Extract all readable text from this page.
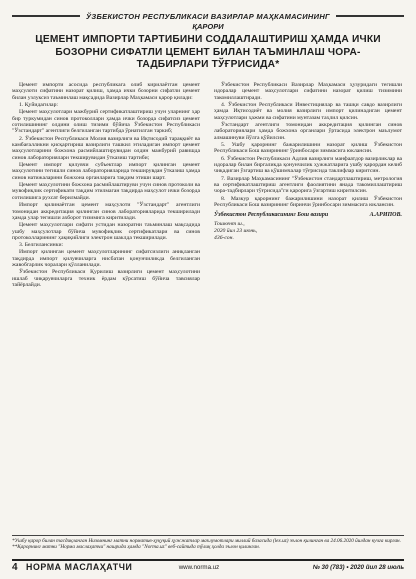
ЎЗБЕКИСТОН РЕСПУБЛИКАСИ ВАЗИРЛАР МАҲКАМАСИНИНГ
ҚАРОРИ
ЦЕМЕНТ ИМПОРТИ ТАРТИБИНИ СОДДАЛАШТИРИШ ҲАМДА ИЧКИ БОЗОРНИ СИФАТЛИ ЦЕМЕНТ БИЛАН ТАЪМИНЛАШ ЧОРА-ТАДБИРЛАРИ ТЎҒРИСИДА*

Цемент импорти асосида республикага олиб кирилаётган цемент маҳсулоти сифатини назорат қилиш, ҳамда ички бозорни сифатли цемент билан узлуксиз таъминлаш мақсадида Вазирлар Маҳкамаси қарор қилади:

1. Қуйидагилар:

Цемент маҳсулотлари мажбурий сертификатлаштириш учун уларнинг ҳар бир туркумидан синов протоколлари ҳамда ички бозорда сифатсиз цемент сотилишининг олдини олиш тизими бўйича Ўзбекистон Республикаси "Ўзстандарт" агентлиги белгиланган тартибда ўрнатилган таркиб;

2. Ўзбекистон Республикаси Молия вазирлиги ва Иқтисодий тараққиёт ва камбағалликни қисқартириш вазирлиги ташкил этиладиган импорт цемент маҳсулотларини божхона расмийлаштирувидан олдин мажбурий равишда синов лабораториялари текширувидан ўтказиш тартиби;

Цемент импорт қилувчи субъектлар импорт қилинган цемент маҳсулотини тегишли синов лабораторияларида текширувдан ўтказиш ҳамда синов натижаларини божхона органларига тақдим этиши шарт.

Цемент маҳсулотини божхона расмийлаштируви учун синов протоколи ва мувофиқлик сертификати тақдим этилмаган тақдирда маҳсулот ички бозорда сотилишига рухсат берилмайди.

Импорт қилинаётган цемент маҳсулоти "Ўзстандарт" агентлиги томонидан аккредитация қилинган синов лабораторияларида текширилади ҳамда улар тегишли ахборот тизимига киритилади.

Цемент маҳсулотлари сифати устидан назоратни таъминлаш мақсадида ушбу маҳсулотлар бўйича мувофиқлик сертификатлари ва синов протоколларининг ҳақиқийлиги электрон шаклда текширилади.

3. Белгилансинки:

Импорт қилинган цемент маҳсулотларининг сифатсизлиги аниқланган тақдирда импорт қилувчиларга нисбатан қонунчиликда белгиланган жавобгарлик чоралари қўлланилади.

Ўзбекистон Республикаси Қурилиш вазирлиги цемент маҳсулотини ишлаб чиқарувчиларга техник ёрдам кўрсатиш бўйича тавсиялар тайёрлайди.

Ўзбекистон Республикаси Вазирлар Маҳкамаси ҳузуридаги тегишли идоралар цемент маҳсулотлари сифатини назорат қилиш тизимини такомиллаштиради.

4. Ўзбекистон Республикаси Инвестициялар ва ташқи савдо вазирлиги ҳамда Иқтисодиёт ва молия вазирлиги импорт қилинадиган цемент маҳсулотлари ҳажми ва сифатини мунтазам таҳлил қилсин.

Ўзстандарт агентлиги томонидан аккредитация қилинган синов лабораториялари ҳамда божхона органлари ўртасида электрон маълумот алмашинуви йўлга қўйилсин.

5. Ушбу қарорнинг бажарилишини назорат қилиш Ўзбекистон Республикаси Бош вазирининг ўринбосари зиммасига юклансин.

6. Ўзбекистон Республикаси Адлия вазирлиги манфаатдор вазирликлар ва идоралар билан биргаликда қонунчилик ҳужжатларига ушбу қарордан келиб чиқадиган ўзгартиш ва қўшимчалар тўғрисида таклифлар киритсин.

7. Вазирлар Маҳкамасининг "Ўзбекистон стандартлаштириш, метрология ва сертификатлаштириш агентлиги фаолиятини янада такомиллаштириш чора-тадбирлари тўғрисида"ги қарорига ўзгартиш киритилсин.

8. Мазкур қарорнинг бажарилишини назорат қилиш Ўзбекистон Республикаси Бош вазирининг биринчи ўринбосари зиммасига юклансин.

Ўзбекистон Республикасининг Бош вазири	А.АРИПОВ.
Тошкент ш.,
2020 йил 23 июнь,
436-сон.
*Ушбу қарор билан тасдиқланган Низомнинг матни норматив-ҳуқуқий ҳужжатлар маълумотлари миллий базасида (lex.uz) эълон қилинган ва 24.06.2020 йилдан кучга кирган.
**Қарорнинг матни "Норма маслаҳатчи" нашрида ҳамда "Norma.uz" веб-сайтида тўлиқ ҳолда эълон қилинган.
4 НОРМА МАСЛАҲАТЧИ	www.norma.uz	№ 30 (783) • 2020 йил 28 июль
